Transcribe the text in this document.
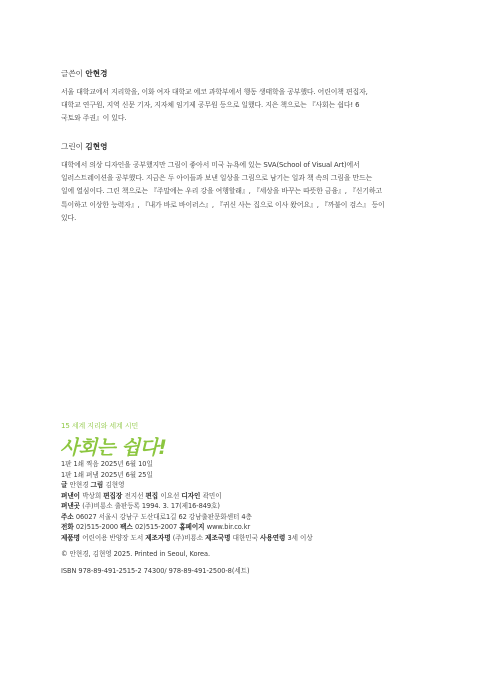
글쓴이 안현경

서울 대학교에서 지리학을, 이화 여자 대학교 에코 과학부에서 행동 생태학을 공부했다. 어린이책 편집자,
대학교 연구원, 지역 신문 기자, 지자체 임기제 공무원 등으로 일했다. 지은 책으로는 『사회는 쉽다! 6
국토와 주권』이 있다.

그린이 김현영

대학에서 의상 디자인을 공부했지만 그림이 좋아서 미국 뉴욕에 있는 SVA(School of Visual Art)에서
일러스트레이션을 공부했다. 지금은 두 아이들과 보낸 일상을 그림으로 남기는 일과 책 속의 그림을 만드는
일에 열심이다. 그린 책으로는 『주말에는 우리 강을 여행할래』, 『세상을 바꾸는 따뜻한 금융』, 『신기하고
특이하고 이상한 능력자』, 『내가 바로 바이러스』, 『귀신 사는 집으로 이사 왔어요』, 『까불이 검스』 등이
있다.

15 세계 지리와 세계 시민
사회는 쉽다!
1판 1쇄 찍음 2025년 6월 10일
1판 1쇄 펴냄 2025년 6월 25일
글 안현경 그림 김현영
펴낸이 박상희 편집장 전지선 편집 이요선 디자인 곽민이
펴낸곳 (주)비룡소 출판등록 1994. 3. 17(제16-849호)
주소 06027 서울시 강남구 도산대로1길 62 강남출판문화센터 4층
전화 02)515-2000 팩스 02)515-2007 홈페이지 www.bir.co.kr
제품명 어린이용 반양장 도서 제조자명 (주)비룡소 제조국명 대한민국 사용연령 3세 이상
© 안현경, 김현영 2025. Printed in Seoul, Korea.
ISBN 978-89-491-2515-2 74300/ 978-89-491-2500-8(세트)
